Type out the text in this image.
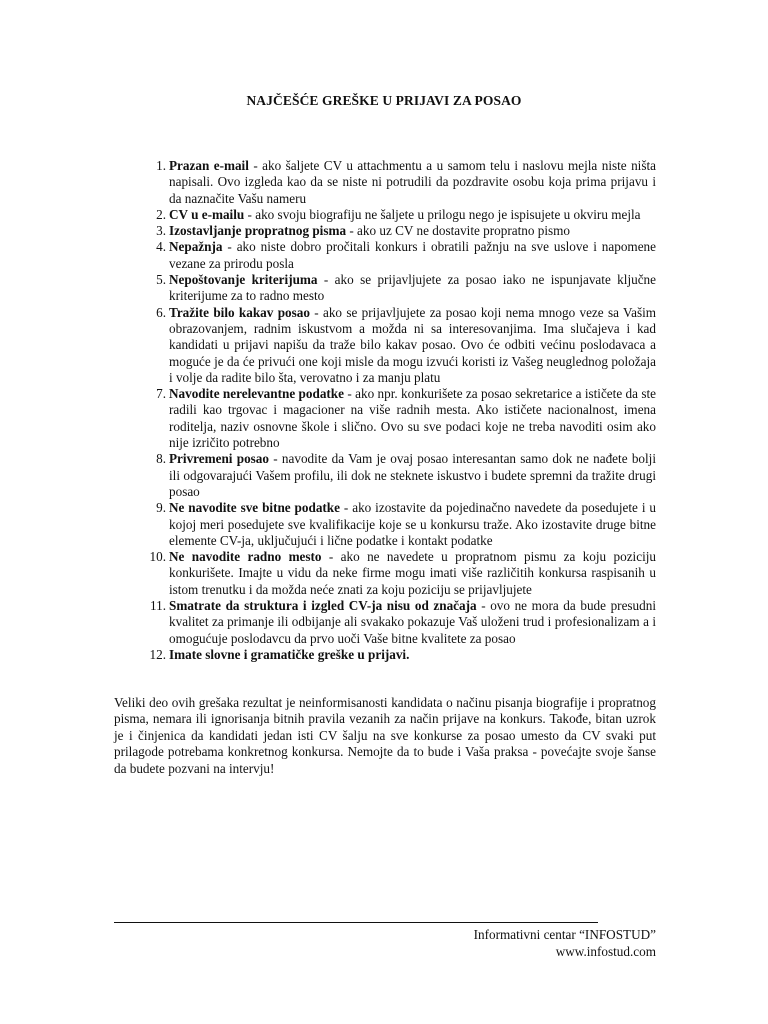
NAJČEŠĆE GREŠKE U PRIJAVI ZA POSAO
1. Prazan e-mail - ako šaljete CV u attachmentu a u samom telu i naslovu mejla niste ništa napisali. Ovo izgleda kao da se niste ni potrudili da pozdravite osobu koja prima prijavu i da naznačite Vašu nameru
2. CV u e-mailu - ako svoju biografiju ne šaljete u prilogu nego je ispisujete u okviru mejla
3. Izostavljanje propratnog pisma - ako uz CV ne dostavite propratno pismo
4. Nepažnja - ako niste dobro pročitali konkurs i obratili pažnju na sve uslove i napomene vezane za prirodu posla
5. Nepoštovanje kriterijuma - ako se prijavljujete za posao iako ne ispunjavate ključne kriterijume za to radno mesto
6. Tražite bilo kakav posao - ako se prijavljujete za posao koji nema mnogo veze sa Vašim obrazovanjem, radnim iskustvom a možda ni sa interesovanjima. Ima slučajeva i kad kandidati u prijavi napišu da traže bilo kakav posao. Ovo će odbiti većinu poslodavaca a moguće je da će privući one koji misle da mogu izvući koristi iz Vašeg neuglednog položaja i volje da radite bilo šta, verovatno i za manju platu
7. Navodite nerelevantne podatke - ako npr. konkurišete za posao sekretarice a ističete da ste radili kao trgovac i magacioner na više radnih mesta. Ako ističete nacionalnost, imena roditelja, naziv osnovne škole i slično. Ovo su sve podaci koje ne treba navoditi osim ako nije izričito potrebno
8. Privremeni posao - navodite da Vam je ovaj posao interesantan samo dok ne nađete bolji ili odgovarajući Vašem profilu, ili dok ne steknete iskustvo i budete spremni da tražite drugi posao
9. Ne navodite sve bitne podatke - ako izostavite da pojedinačno navedete da posedujete i u kojoj meri posedujete sve kvalifikacije koje se u konkursu traže. Ako izostavite druge bitne elemente CV-ja, uključujući i lične podatke i kontakt podatke
10. Ne navodite radno mesto - ako ne navedete u propratnom pismu za koju poziciju konkurišete. Imajte u vidu da neke firme mogu imati više različitih konkursa raspisanih u istom trenutku i da možda neće znati za koju poziciju se prijavljujete
11. Smatrate da struktura i izgled CV-ja nisu od značaja - ovo ne mora da bude presudni kvalitet za primanje ili odbijanje ali svakako pokazuje Vaš uloženi trud i profesionalizam a i omogućuje poslodavcu da prvo uoči Vaše bitne kvalitete za posao
12. Imate slovne i gramatičke greške u prijavi.

Veliki deo ovih grešaka rezultat je neinformisanosti kandidata o načinu pisanja biografije i propratnog pisma, nemara ili ignorisanja bitnih pravila vezanih za način prijave na konkurs. Takođe, bitan uzrok je i činjenica da kandidati jedan isti CV šalju na sve konkurse za posao umesto da CV svaki put prilagode potrebama konkretnog konkursa. Nemojte da to bude i Vaša praksa - povećajte svoje šanse da budete pozvani na intervju!

Informativni centar “INFOSTUD”
www.infostud.com
